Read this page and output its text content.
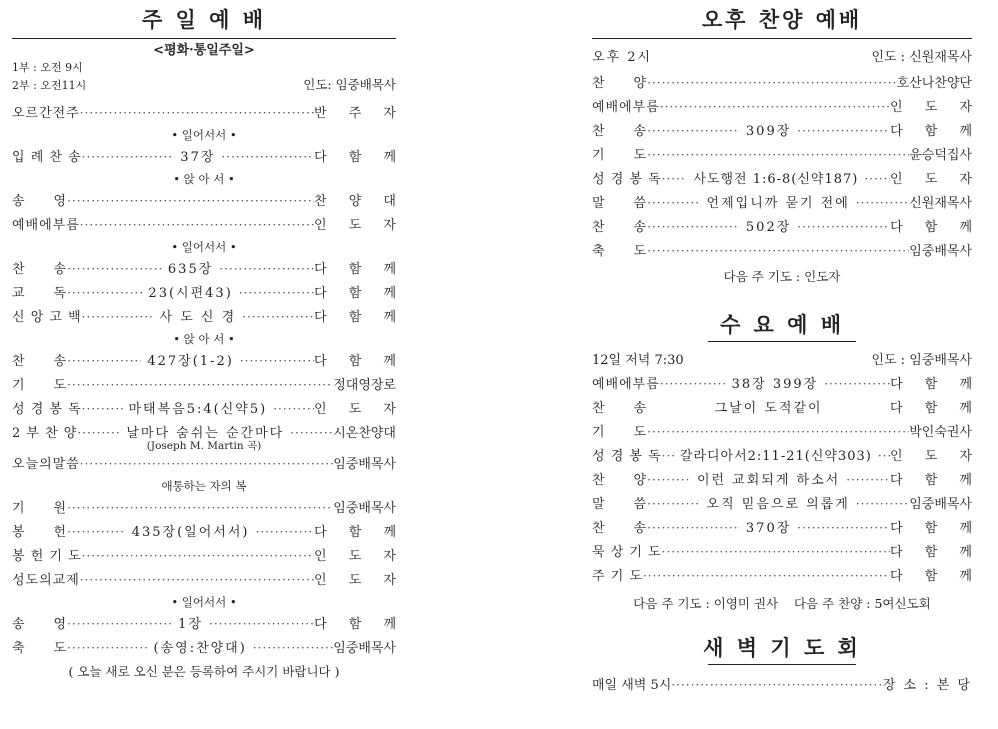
주 일 예 배
<평화·통일주일>
1부 : 오전 9시
2부 : 오전11시	인도: 임중배목사
오르간전주 ·····	반 주 자
• 일어서서 •
입 례 찬 송 ·····	37장 ·····	다 함 께
• 앉 아 서 •
송　　영 ·····	찬 양 대
예배에부름 ·····	인 도 자
• 일어서서 •
찬　　송 ·····	635장 ·····	다 함 께
교　　독 ·····	23(시편43) ·····	다 함 께
신 앙 고 백 ·····	사 도 신 경 ·····	다 함 께
• 앉 아 서 •
찬　　송 ·····	427장(1-2) ·····	다 함 께
기　　도 ·····	정대영장로
성 경 봉 독 ·····	마태복음5:4(신약5) ·····	인 도 자
2 부 찬 양 ·····	날마다 숨쉬는 순간마다 ·····	시온찬양대
(Joseph M. Martin 곡)
오늘의말씀 ·····	임중배목사
애통하는 자의 복
기　　원 ·····	임중배목사
봉　　헌 ·····	435장(일어서서) ·····	다 함 께
봉 헌 기 도 ·····	인 도 자
성도의교제 ·····	인 도 자
• 일어서서 •
송　　영 ·····	1장 ·····	다 함 께
축　　도 ·····	(송영:찬양대) ·····	임중배목사
( 오늘 새로 오신 분은 등록하여 주시기 바랍니다 )
오후 찬양 예배
오후 2시	인도 : 신원재목사
찬　　양 ·····	호산나찬양단
예배에부름 ·····	인 도 자
찬　　송 ·····	309장 ·····	다 함 께
기　　도 ·····	윤승덕집사
성 경 봉 독 ·····	사도행전 1:6-8(신약187) ·····	인 도 자
말　　씀 ·····	언제입니까 묻기 전에 ·····	신원재목사
찬　　송 ·····	502장 ·····	다 함 께
축　　도 ·····	임중배목사
다음 주 기도 : 인도자
수 요 예 배
12일 저녁 7:30	인도 : 임중배목사
예배에부름 ·····	38장 399장 ·····	다 함 께
찬　　송	그날이 도적같이	다 함 께
기　　도 ·····	박인숙권사
성 경 봉 독 ·····	갈라디아서2:11-21(신약303) ·····	인 도 자
찬　　양 ·····	이런 교회되게 하소서 ·····	다 함 께
말　　씀 ·····	오직 믿음으로 의롭게 ·····	임중배목사
찬　　송 ·····	370장 ·····	다 함 께
묵 상 기 도 ·····	다 함 께
주 기 도 ·····	다 함 께
다음 주 기도 : 이영미 권사    다음 주 찬양 : 5여신도회
새 벽 기 도 회
매일 새벽 5시 ·····	장 소 : 본 당
